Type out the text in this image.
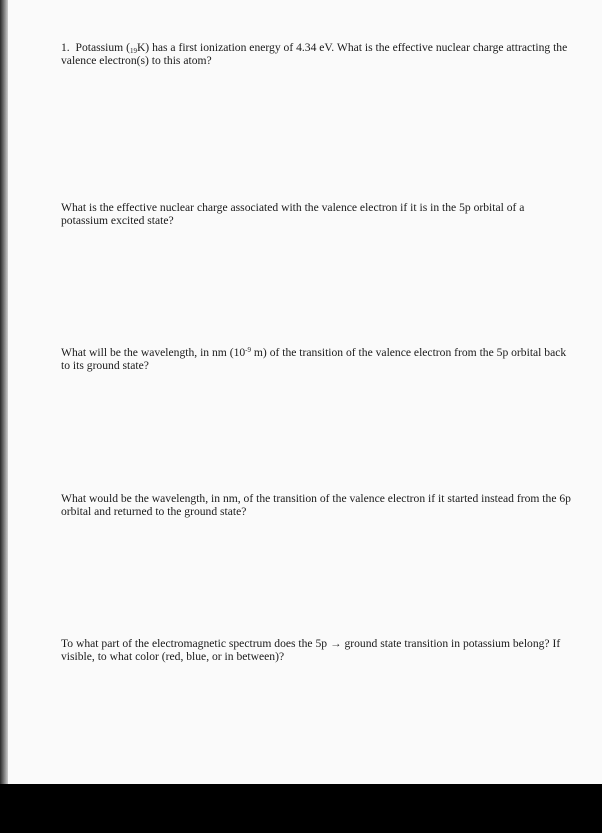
1. Potassium $(_{19}K)$ has a first ionization energy of 4.34 eV. What is the effective nuclear charge attracting the valence electron(s) to this atom?

What is the effective nuclear charge associated with the valence electron if it is in the 5p orbital of a potassium excited state?

What will be the wavelength, in nm ($10^{-9}$ m) of the transition of the valence electron from the 5p orbital back to its ground state?

What would be the wavelength, in nm, of the transition of the valence electron if it started instead from the 6p orbital and returned to the ground state?

To what part of the electromagnetic spectrum does the 5p → ground state transition in potassium belong? If visible, to what color (red, blue, or in between)?
